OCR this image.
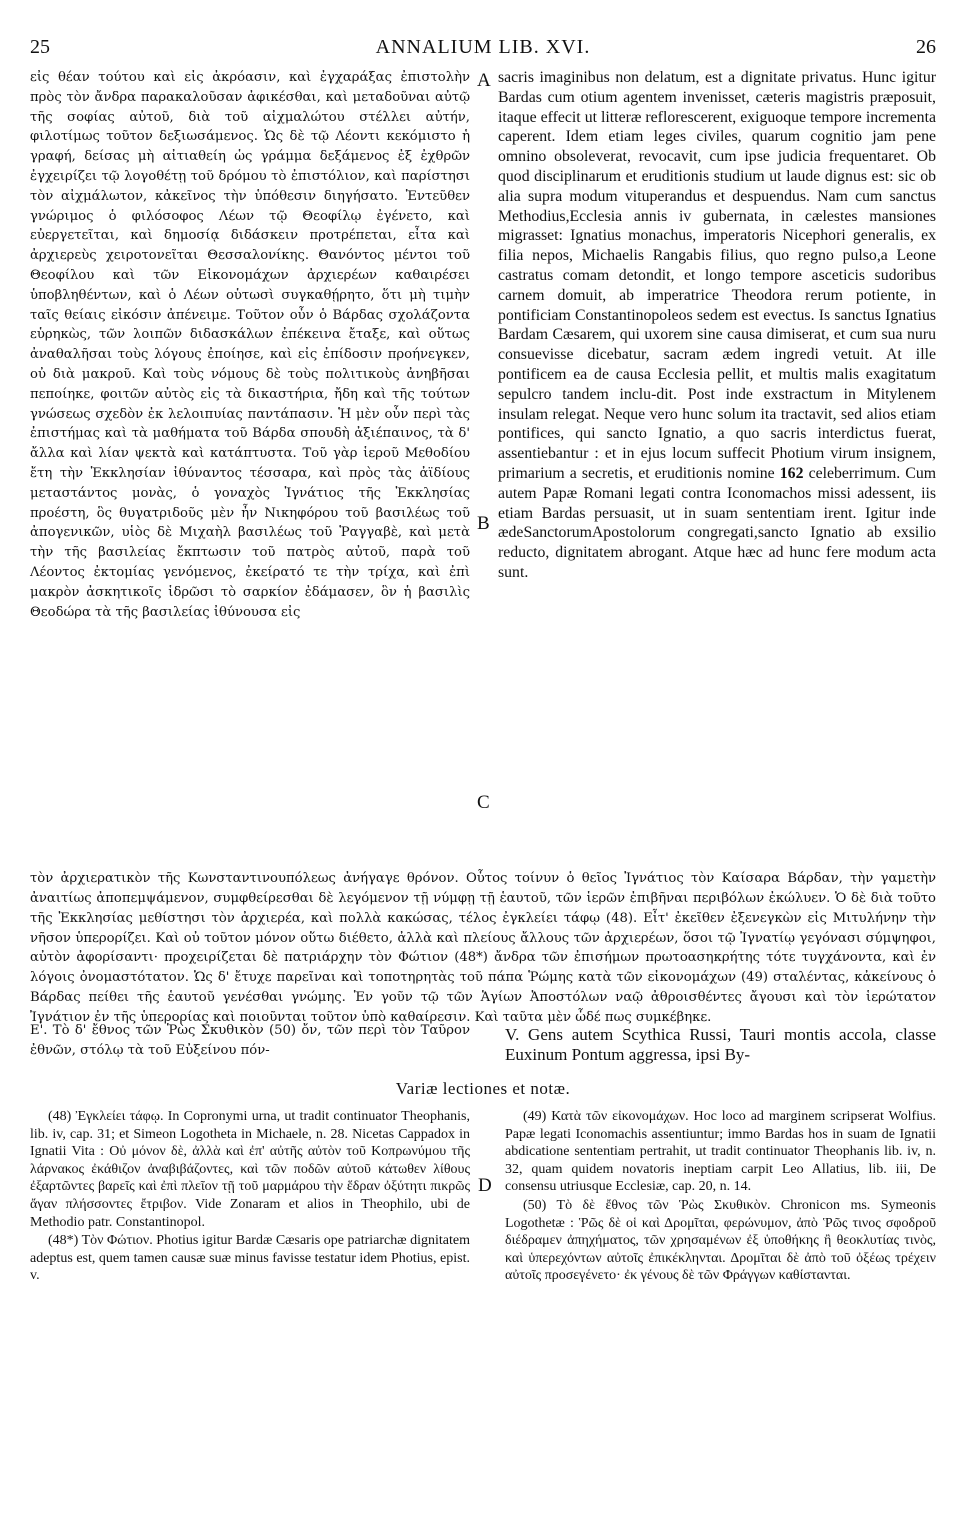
25	ANNALIUM LIB. XVI.	26
A
B
C
D

εἰς θέαν τούτου καὶ εἰς ἀκρόασιν, καὶ ἐγχαράξας ἐπιστολὴν πρὸς τὸν ἄνδρα παρακαλοῦσαν ἀφικέσθαι, καὶ μεταδοῦναι αὐτῷ τῆς σοφίας αὐτοῦ, διὰ τοῦ αἰχμαλώτου στέλλει αὐτήν, φιλοτίμως τοῦτον δεξιωσάμενος. Ὡς δὲ τῷ Λέοντι κεκόμιστο ἡ γραφή, δείσας μὴ αἰτιαθείη ὡς γράμμα δεξάμενος ἐξ ἐχθρῶν ἐγχειρίζει τῷ λογοθέτῃ τοῦ δρόμου τὸ ἐπιστόλιον, καὶ παρίστησι τὸν αἰχμάλωτον, κἀκεῖνος τὴν ὑπόθεσιν διηγήσατο. Ἐντεῦθεν γνώριμος ὁ φιλόσοφος Λέων τῷ Θεοφίλῳ ἐγένετο, καὶ εὐεργετεῖται, καὶ δημοσίᾳ διδάσκειν προτρέπεται, εἶτα καὶ ἀρχιερεὺς χειροτονεῖται Θεσσαλονίκης. Θανόντος μέντοι τοῦ Θεοφίλου καὶ τῶν Εἰκονομάχων ἀρχιερέων καθαιρέσει ὑποβληθέντων, καὶ ὁ Λέων οὑτωσὶ συγκαθῄρητο, ὅτι μὴ τιμὴν ταῖς θείαις εἰκόσιν ἀπένειμε. Τοῦτον οὖν ὁ Βάρδας σχολάζοντα εὑρηκὼς, τῶν λοιπῶν διδασκάλων ἐπέκεινα ἔταξε, καὶ οὕτως ἀναθαλῆσαι τοὺς λόγους ἐποίησε, καὶ εἰς ἐπίδοσιν προήνεγκεν, οὐ διὰ μακροῦ. Καὶ τοὺς νόμους δὲ τοὺς πολιτικοὺς ἀνηβῆσαι πεποίηκε, φοιτῶν αὐτὸς εἰς τὰ δικαστήρια, ἤδη καὶ τῆς τούτων γνώσεως σχεδὸν ἐκ λελοιπυίας παντάπασιν. Ἡ μὲν οὖν περὶ τὰς ἐπιστήμας καὶ τὰ μαθήματα τοῦ Βάρδα σπουδὴ ἀξιέπαινος, τὰ δ' ἄλλα καὶ λίαν ψεκτὰ καὶ κατάπτυστα. Τοῦ γὰρ ἱεροῦ Μεθοδίου ἔτη τὴν Ἐκκλησίαν ἰθύναντος τέσσαρα, καὶ πρὸς τὰς ἀϊδίους μεταστάντος μονὰς, ὁ γοναχὸς Ἰγνάτιος τῆς Ἐκκλησίας προέστη, ὃς θυγατριδοῦς μὲν ἦν Νικηφόρου τοῦ βασιλέως τοῦ ἀπογενικῶν, υἱὸς δὲ Μιχαὴλ βασιλέως τοῦ Ῥαγγαβὲ, καὶ μετὰ τὴν τῆς βασιλείας ἔκπτωσιν τοῦ πατρὸς αὐτοῦ, παρὰ τοῦ Λέοντος ἐκτομίας γενόμενος, ἐκείρατό τε τὴν τρίχα, καὶ ἐπὶ μακρὸν ἀσκητικοῖς ἱδρῶσι τὸ σαρκίον ἐδάμασεν, ὃν ἡ βασιλὶς Θεοδώρα τὰ τῆς βασιλείας ἰθύνουσα εἰς

sacris imaginibus non delatum, est a dignitate privatus. Hunc igitur Bardas cum otium agentem invenisset, cæteris magistris præposuit, itaque effecit ut litteræ reflorescerent, exiguoque tempore incrementa caperent. Idem etiam leges civiles, quarum cognitio jam pene omnino obsoleverat, revocavit, cum ipse judicia frequentaret. Ob quod disciplinarum et eruditionis studium ut laude dignus est: sic ob alia supra modum vituperandus et despuendus. Nam cum sanctus Methodius,Ecclesia annis iv gubernata, in cælestes mansiones migrasset: Ignatius monachus, imperatoris Nicephori generalis, ex filia nepos, Michaelis Rangabis filius, quo regno pulso,a Leone castratus comam detondit, et longo tempore asceticis sudoribus carnem domuit, ab imperatrice Theodora rerum potiente, in pontificiam Constantinopoleos sedem est evectus. Is sanctus Ignatius Bardam Cæsarem, qui uxorem sine causa dimiserat, et cum sua nuru consuevisse dicebatur, sacram ædem ingredi vetuit. At ille pontificem ea de causa Ecclesia pellit, et multis malis exagitatum sepulcro tandem inclu-dit. Post inde exstractum in Mitylenem insulam relegat. Neque vero hunc solum ita tractavit, sed alios etiam pontifices, qui sancto Ignatio, a quo sacris interdictus fuerat, assentiebantur : et in ejus locum suffecit Photium virum insignem, primarium a secretis, et eruditionis nomine 162 celeberrimum. Cum autem Papæ Romani legati contra Iconomachos missi adessent, iis etiam Bardas persuasit, ut in suam sententiam irent. Igitur inde ædeSanctorumApostolorum congregati,sancto Ignatio ab exsilio reducto, dignitatem abrogant. Atque hæc ad hunc fere modum acta sunt.

τὸν ἀρχιερατικὸν τῆς Κωνσταντινουπόλεως ἀνήγαγε θρόνον. Οὗτος τοίνυν ὁ θεῖος Ἰγνάτιος τὸν Καίσαρα Βάρδαν, τὴν γαμετὴν ἀναιτίως ἀποπεμψάμενον, συμφθείρεσθαι δὲ λεγόμενον τῇ νύμφῃ τῇ ἑαυτοῦ, τῶν ἱερῶν ἐπιβῆναι περιβόλων ἐκώλυεν. Ὁ δὲ διὰ τοῦτο τῆς Ἐκκλησίας μεθίστησι τὸν ἀρχιερέα, καὶ πολλὰ κακώσας, τέλος ἐγκλείει τάφῳ (48). Εἶτ' ἐκεῖθεν ἐξενεγκὼν εἰς Μιτυλήνην τὴν νῆσον ὑπερορίζει. Καὶ οὐ τοῦτον μόνον οὕτω διέθετο, ἀλλὰ καὶ πλείους ἄλλους τῶν ἀρχιερέων, ὅσοι τῷ Ἰγνατίῳ γεγόνασι σύμψηφοι, αὐτὸν ἀφορίσαντι· προχειρίζεται δὲ πατριάρχην τὸν Φώτιον (48*) ἄνδρα τῶν ἐπισήμων πρωτοασηκρήτης τότε τυγχάνοντα, καὶ ἐν λόγοις ὀνομαστότατον. Ὡς δ' ἔτυχε παρεῖναι καὶ τοποτηρητὰς τοῦ πάπα Ῥώμης κατὰ τῶν εἰκονομάχων (49) σταλέντας, κἀκείνους ὁ Βάρδας πείθει τῆς ἑαυτοῦ γενέσθαι γνώμης. Ἐν γοῦν τῷ τῶν Ἁγίων Ἀποστόλων ναῷ ἀθροισθέντες ἄγουσι καὶ τὸν ἱερώτατον Ἰγνάτιον ἐν τῆς ὑπερορίας καὶ ποιοῦνται τοῦτον ὑπὸ καθαίρεσιν. Καὶ ταῦτα μὲν ὧδέ πως συμκέβηκε.

Ε'. Τὸ δ' ἔθνος τῶν Ῥὼς Σκυθικὸν (50) ὄν, τῶν περὶ τὸν Ταῦρον ἐθνῶν, στόλῳ τὰ τοῦ Εὐξείνου πόν-

V. Gens autem Scythica Russi, Tauri montis accola, classe Euxinum Pontum aggressa, ipsi By-

Variæ lectiones et notæ.

(48) Ἐγκλείει τάφῳ. In Copronymi urna, ut tradit continuator Theophanis, lib. iv, cap. 31; et Simeon Logotheta in Michaele, n. 28. Nicetas Cappadox in Ignatii Vita : Οὐ μόνον δὲ, ἀλλὰ καὶ ἐπ' αὐτῆς αὐτὸν τοῦ Κοπρωνύμου τῆς λάρνακος ἐκάθιζον ἀναβιβάζοντες, καὶ τῶν ποδῶν αὐτοῦ κάτωθεν λίθους ἐξαρτῶντες βαρεῖς καὶ ἐπὶ πλεῖον τῇ τοῦ μαρμάρου τὴν ἕδραν ὀξύτητι πικρῶς ἄγαν πλήσσοντες ἔτριβον. Vide Zonaram et alios in Theophilo, ubi de Methodio patr. Constantinopol.

(48*) Τὸν Φώτιον. Photius igitur Bardæ Cæsaris ope patriarchæ dignitatem adeptus est, quem tamen causæ suæ minus favisse testatur idem Photius, epist. v.

(49) Κατὰ τῶν εἰκονομάχων. Hoc loco ad marginem scripserat Wolfius. Papæ legati Iconomachis assentiuntur; immo Bardas hos in suam de Ignatii abdicatione sententiam pertrahit, ut tradit continuator Theophanis lib. iv, n. 32, quam quidem novatoris ineptiam carpit Leo Allatius, lib. iii, De consensu utriusque Ecclesiæ, cap. 20, n. 14.

(50) Τὸ δὲ ἔθνος τῶν Ῥὼς Σκυθικὸν. Chronicon ms. Symeonis Logothetæ : Ῥῶς δὲ οἱ καὶ Δρομῖται, φερώνυμον, ἀπὸ Ῥῶς τινος σφοδροῦ διέδραμεν ἀπηχήματος, τῶν χρησαμένων ἐξ ὑποθήκης ἢ θεοκλυτίας τινὸς, καὶ ὑπερεχόντων αὐτοῖς ἐπικέκληνται. Δρομῖται δὲ ἀπὸ τοῦ ὀξέως τρέχειν αὐτοῖς προσεγένετο· ἐκ γένους δὲ τῶν Φράγγων καθίστανται.
